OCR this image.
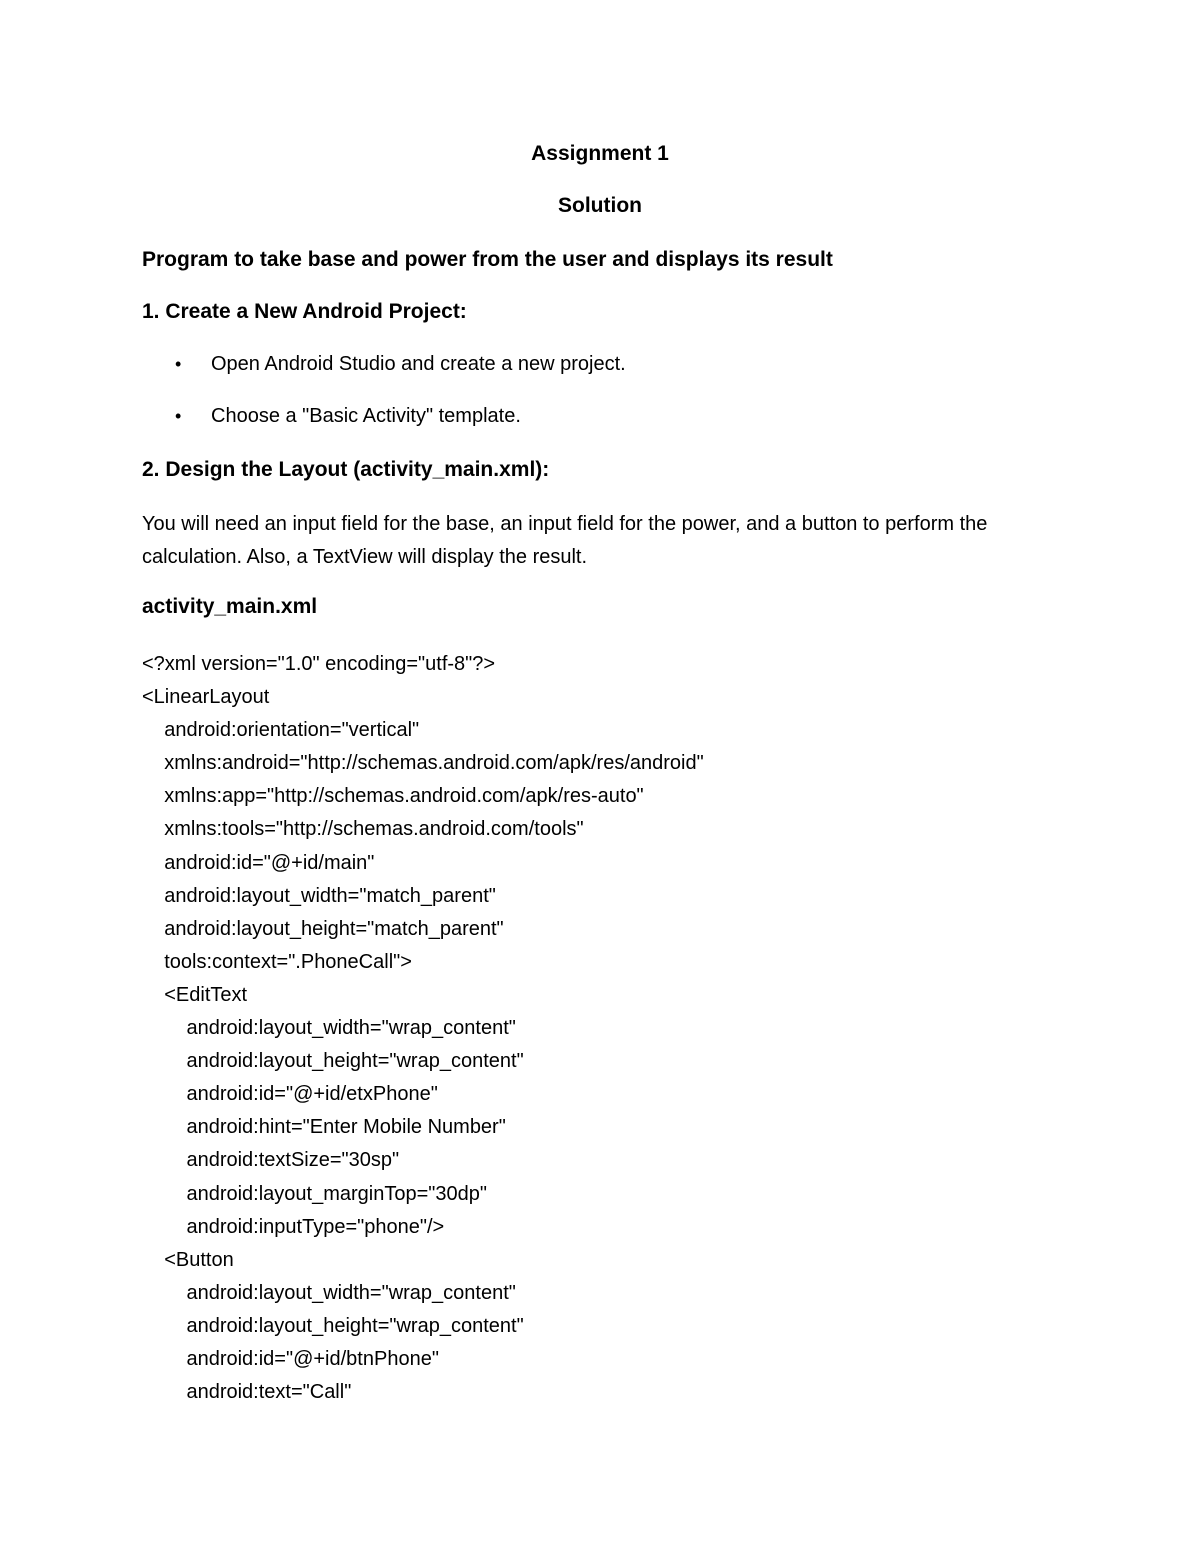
Assignment 1

Solution

Program to take base and power from the user and displays its result

1. Create a New Android Project:

• Open Android Studio and create a new project.
• Choose a "Basic Activity" template.

2. Design the Layout (activity_main.xml):

You will need an input field for the base, an input field for the power, and a button to perform the calculation. Also, a TextView will display the result.

activity_main.xml

<?xml version="1.0" encoding="utf-8"?>
<LinearLayout
android:orientation="vertical"
xmlns:android="http://schemas.android.com/apk/res/android"
xmlns:app="http://schemas.android.com/apk/res-auto"
xmlns:tools="http://schemas.android.com/tools"
android:id="@+id/main"
android:layout_width="match_parent"
android:layout_height="match_parent"
tools:context=".PhoneCall">
<EditText
android:layout_width="wrap_content"
android:layout_height="wrap_content"
android:id="@+id/etxPhone"
android:hint="Enter Mobile Number"
android:textSize="30sp"
android:layout_marginTop="30dp"
android:inputType="phone"/>
<Button
android:layout_width="wrap_content"
android:layout_height="wrap_content"
android:id="@+id/btnPhone"
android:text="Call"
